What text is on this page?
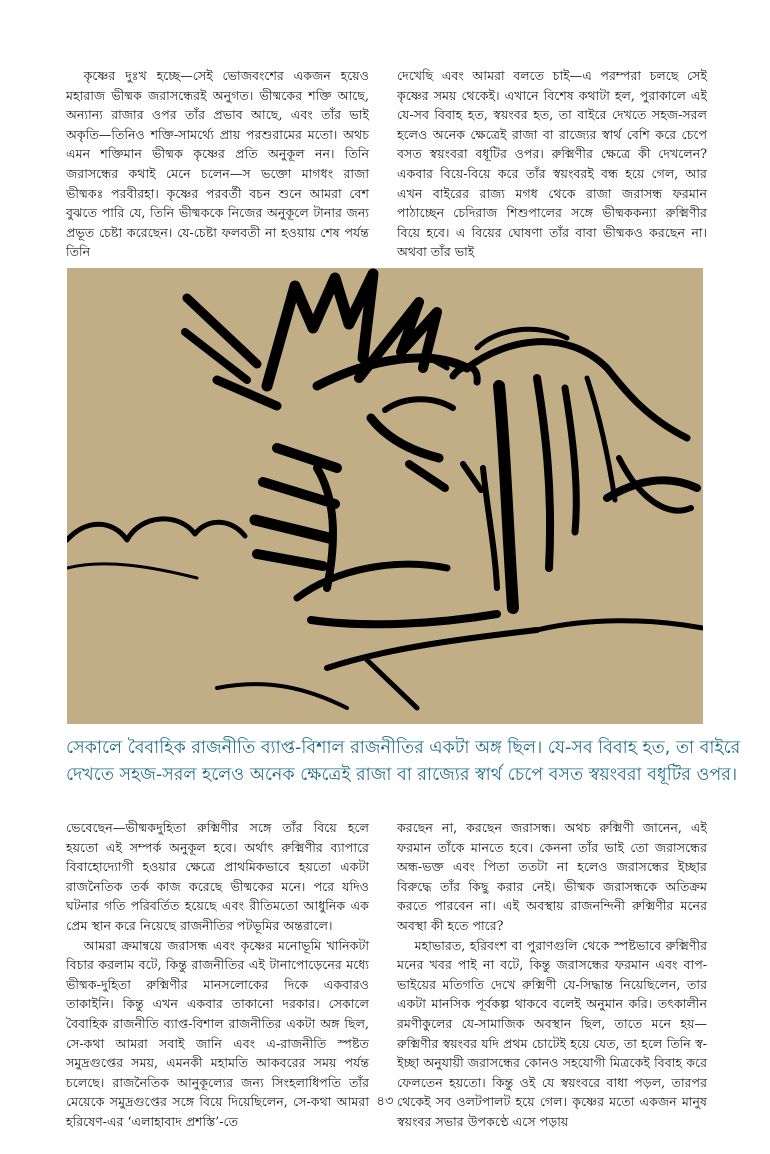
কৃষ্ণের দুঃখ হচ্ছে—সেই ভোজবংশের একজন হয়েও মহারাজ ভীষ্মক জরাসন্ধেরই অনুগত। ভীষ্মকের শক্তি আছে, অন্যান্য রাজার ওপর তাঁর প্রভাব আছে, এবং তাঁর ভাই অকৃতি—তিনিও শক্তি-সামর্থ্যে প্রায় পরশুরামের মতো। অথচ এমন শক্তিমান ভীষ্মক কৃষ্ণের প্রতি অনুকূল নন। তিনি জরাসন্ধের কথাই মেনে চলেন—স ভক্তো মাগধং রাজা ভীষ্মকঃ পরবীরহা। কৃষ্ণের পরবর্তী বচন শুনে আমরা বেশ বুঝতে পারি যে, তিনি ভীষ্মককে নিজের অনুকূলে টানার জন্য প্রভূত চেষ্টা করেছেন। যে-চেষ্টা ফলবতী না হওয়ায় শেষ পর্যন্ত তিনি

দেখেছি এবং আমরা বলতে চাই—এ পরম্পরা চলছে সেই কৃষ্ণের সময় থেকেই। এখানে বিশেষ কথাটা হল, পুরাকালে এই যে-সব বিবাহ হত, স্বয়ংবর হত, তা বাইরে দেখতে সহজ-সরল হলেও অনেক ক্ষেত্রেই রাজা বা রাজ্যের স্বার্থ বেশি করে চেপে বসত স্বয়ংবরা বধূটির ওপর। রুক্মিণীর ক্ষেত্রে কী দেখলেন? একবার বিয়ে-বিয়ে করে তাঁর স্বয়ংবরই বন্ধ হয়ে গেল, আর এখন বাইরের রাজ্য মগধ থেকে রাজা জরাসন্ধ ফরমান পাঠাচ্ছেন চেদিরাজ শিশুপালের সঙ্গে ভীষ্মককন্যা রুক্মিণীর বিয়ে হবে। এ বিয়ের ঘোষণা তাঁর বাবা ভীষ্মকও করছেন না। অথবা তাঁর ভাই

সেকালে বৈবাহিক রাজনীতি ব্যাপ্ত-বিশাল রাজনীতির একটা অঙ্গ ছিল। যে-সব বিবাহ হত, তা বাইরে
দেখতে সহজ-সরল হলেও অনেক ক্ষেত্রেই রাজা বা রাজ্যের স্বার্থ চেপে বসত স্বয়ংবরা বধূটির ওপর।

ভেবেছেন—ভীষ্মকদুহিতা রুক্মিণীর সঙ্গে তাঁর বিয়ে হলে হয়তো এই সম্পর্ক অনুকূল হবে। অর্থাৎ রুক্মিণীর ব্যাপারে বিবাহোদ্যোগী হওয়ার ক্ষেত্রে প্রাথমিকভাবে হয়তো একটা রাজনৈতিক তর্ক কাজ করেছে ভীষ্মকের মনে। পরে যদিও ঘটনার গতি পরিবর্তিত হয়েছে এবং রীতিমতো আধুনিক এক প্রেম স্থান করে নিয়েছে রাজনীতির পটভূমির অন্তরালে।

আমরা ক্রমান্বয়ে জরাসন্ধ এবং কৃষ্ণের মনোভূমি খানিকটা বিচার করলাম বটে, কিন্তু রাজনীতির এই টানাপোড়েনের মধ্যে ভীষ্মক-দুহিতা রুক্মিণীর মানসলোকের দিকে একবারও তাকাইনি। কিন্তু এখন একবার তাকানো দরকার। সেকালে বৈবাহিক রাজনীতি ব্যাপ্ত-বিশাল রাজনীতির একটা অঙ্গ ছিল, সে-কথা আমরা সবাই জানি এবং এ-রাজনীতি স্পষ্টত সমুদ্রগুপ্তের সময়, এমনকী মহামতি আকবরের সময় পর্যন্ত চলেছে। রাজনৈতিক আনুকূল্যের জন্য সিংহলাধিপতি তাঁর মেয়েকে সমুদ্রগুপ্তের সঙ্গে বিয়ে দিয়েছিলেন, সে-কথা আমরা হরিষেণ-এর ‘এলাহাবাদ প্রশস্তি’-তে

করছেন না, করছেন জরাসন্ধ। অথচ রুক্মিণী জানেন, এই ফরমান তাঁকে মানতে হবে। কেননা তাঁর ভাই তো জরাসন্ধের অন্ধ-ভক্ত এবং পিতা ততটা না হলেও জরাসন্ধের ইচ্ছার বিরুদ্ধে তাঁর কিছু করার নেই। ভীষ্মক জরাসন্ধকে অতিক্রম করতে পারবেন না। এই অবস্থায় রাজনন্দিনী রুক্মিণীর মনের অবস্থা কী হতে পারে?

মহাভারত, হরিবংশ বা পুরাণগুলি থেকে স্পষ্টভাবে রুক্মিণীর মনের খবর পাই না বটে, কিন্তু জরাসন্ধের ফরমান এবং বাপ-ভাইয়ের মতিগতি দেখে রুক্মিণী যে-সিদ্ধান্ত নিয়েছিলেন, তার একটা মানসিক পূর্বকল্প থাকবে বলেই অনুমান করি। তৎকালীন রমণীকুলের যে-সামাজিক অবস্থান ছিল, তাতে মনে হয়—রুক্মিণীর স্বয়ংবর যদি প্রথম চোটেই হয়ে যেত, তা হলে তিনি স্ব-ইচ্ছা অনুযায়ী জরাসন্ধের কোনও সহযোগী মিত্রকেই বিবাহ করে ফেলতেন হয়তো। কিন্তু ওই যে স্বয়ংবরে বাধা পড়ল, তারপর থেকেই সব ওলটপালট হয়ে গেল। কৃষ্ণের মতো একজন মানুষ স্বয়ংবর সভার উপকণ্ঠে এসে পড়ায়

৪৩
